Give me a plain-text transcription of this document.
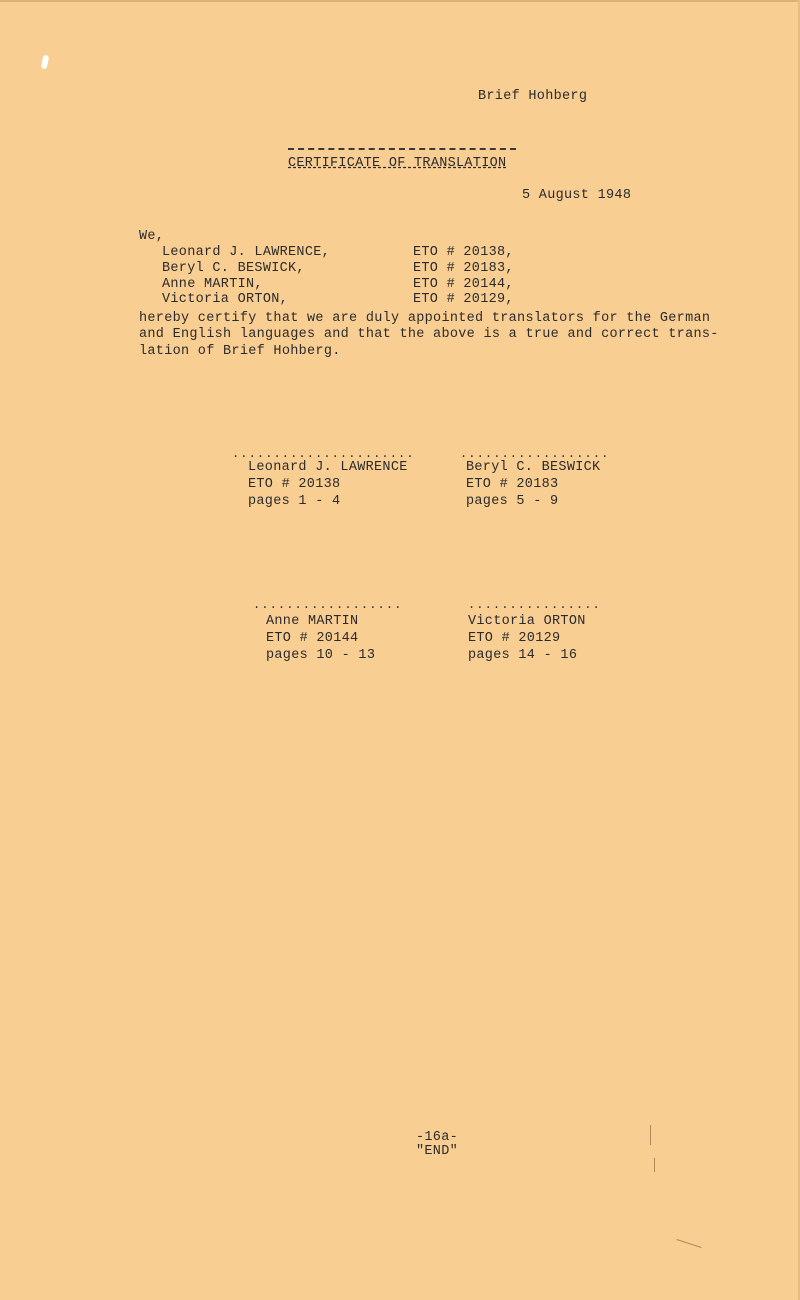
Brief Hohberg
CERTIFICATE OF TRANSLATION
5 August 1948
We,
Leonard J. LAWRENCE,	ETO # 20138,
Beryl C. BESWICK,	ETO # 20183,
Anne MARTIN,	ETO # 20144,
Victoria ORTON,	ETO # 20129,
hereby certify that we are duly appointed translators for the German
and English languages and that the above is a true and correct trans-
lation of Brief Hohberg.
......................
Leonard J. LAWRENCE
ETO # 20138
pages 1 - 4
..................
Beryl C. BESWICK
ETO # 20183
pages 5 - 9
..................
Anne MARTIN
ETO # 20144
pages 10 - 13
................
Victoria ORTON
ETO # 20129
pages 14 - 16
-16a-
"END"
